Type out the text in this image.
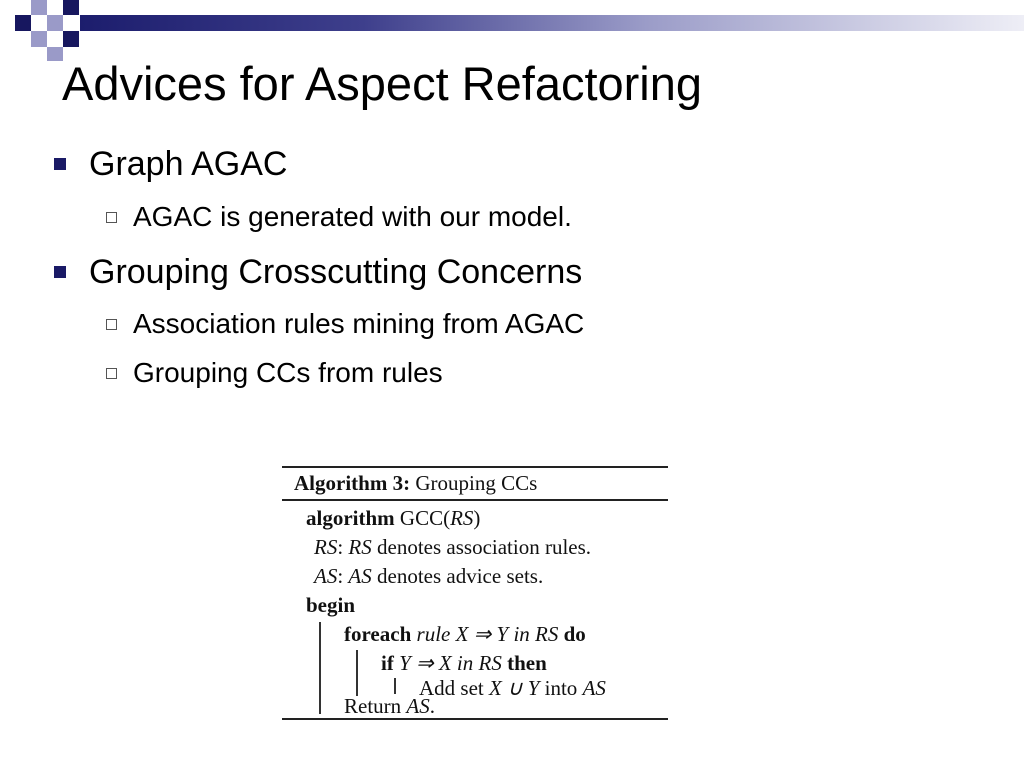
Advices for Aspect Refactoring
Graph AGAC
AGAC is generated with our model.
Grouping Crosscutting Concerns
Association rules mining from AGAC
Grouping CCs from rules
Algorithm 3: Grouping CCs
algorithm GCC(RS)
RS: RS denotes association rules.
AS: AS denotes advice sets.
begin
foreach rule X ⇒ Y in RS do
if Y ⇒ X in RS then
Add set X ∪ Y into AS
Return AS.
